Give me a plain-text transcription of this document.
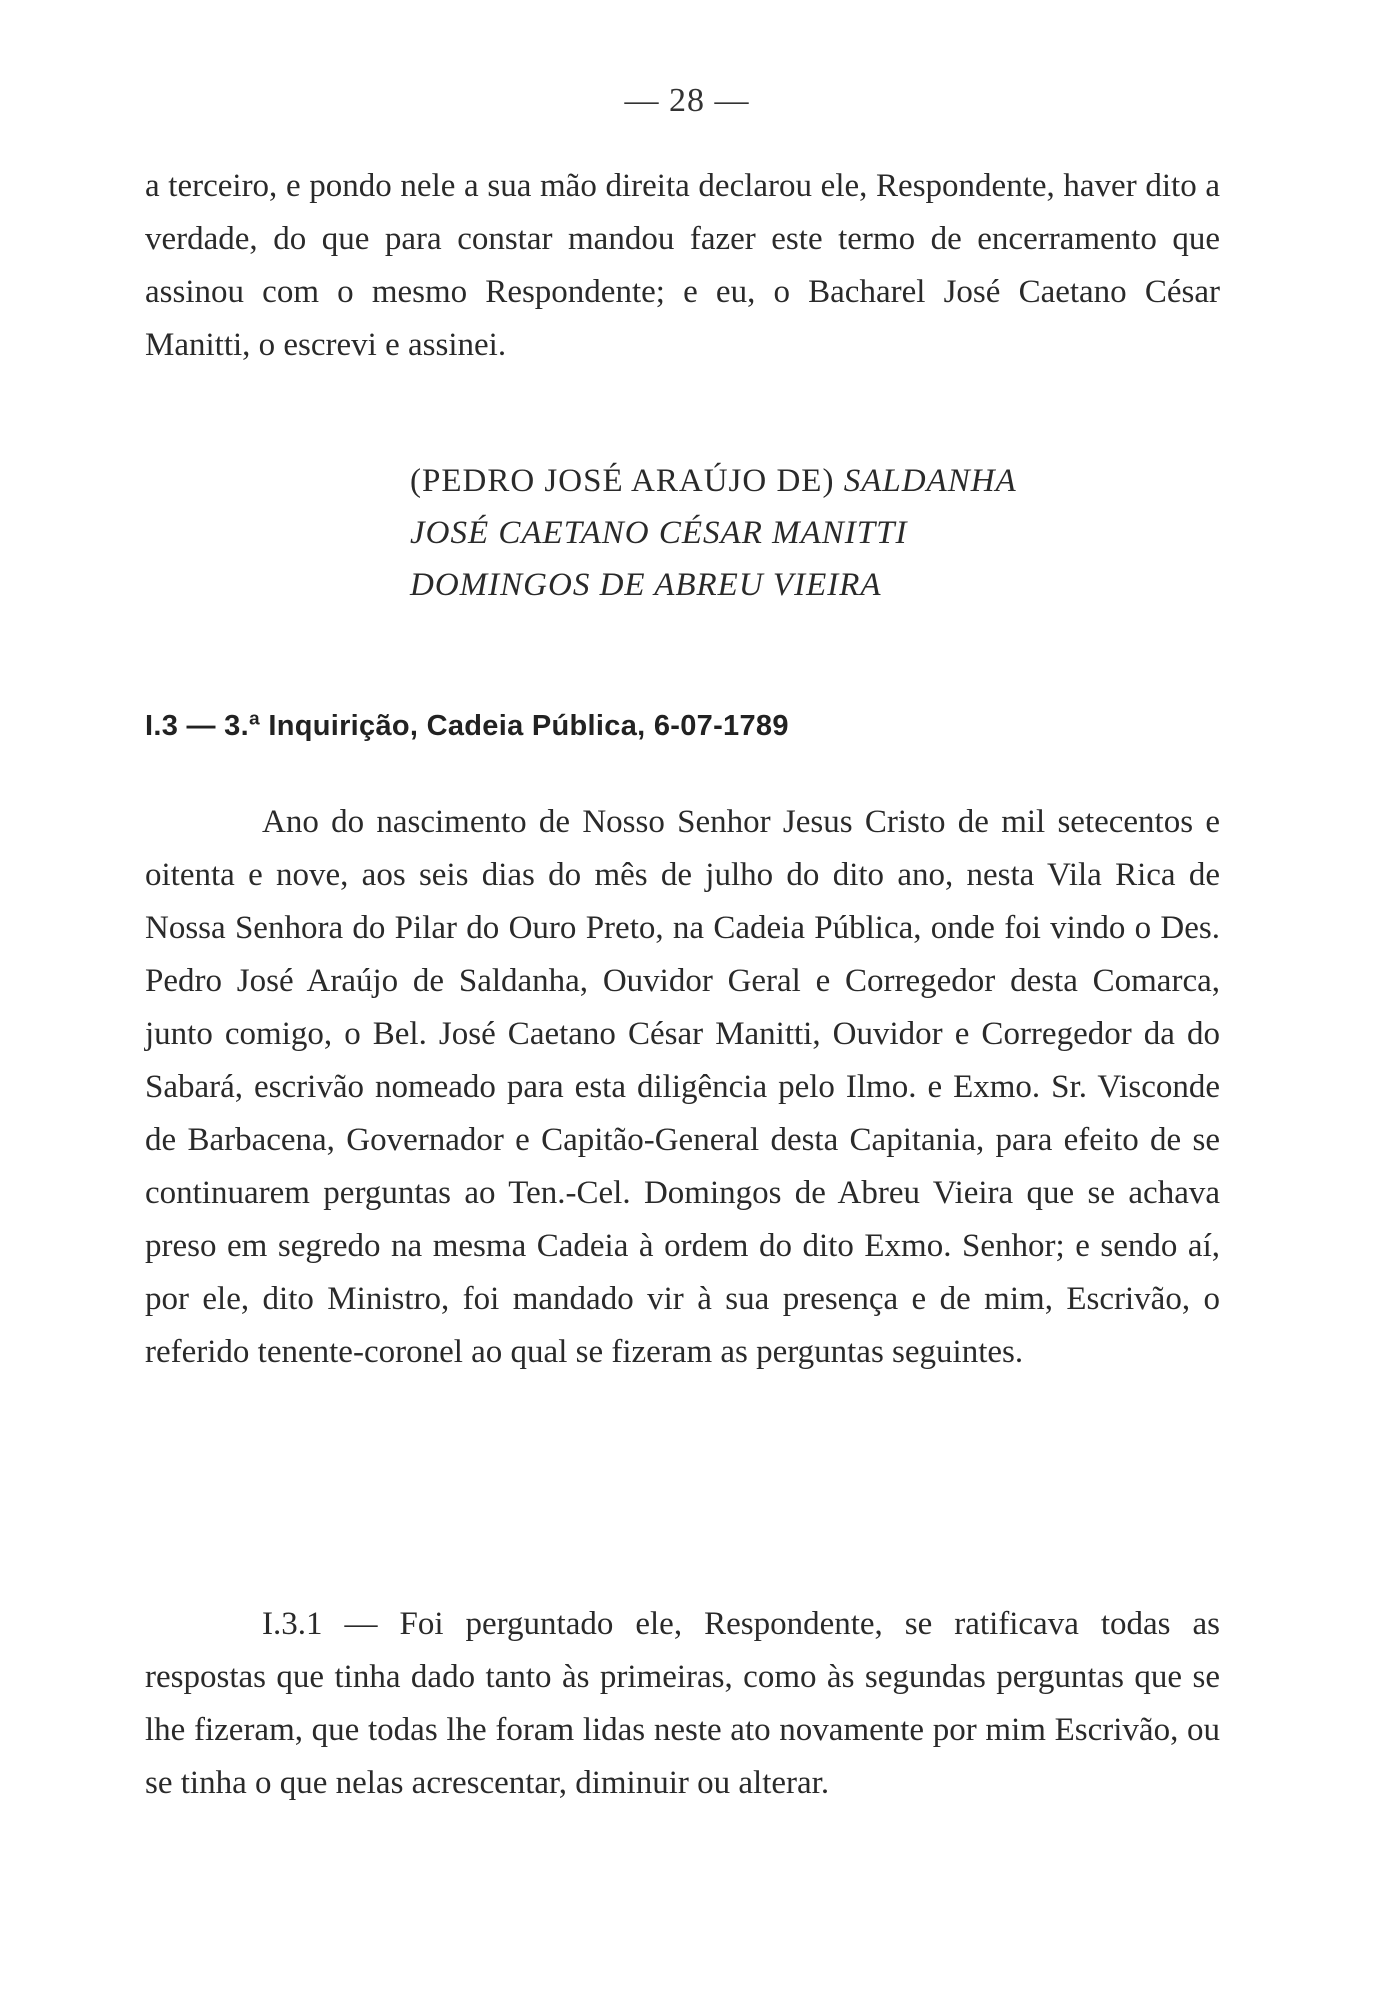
— 28 —

a terceiro, e pondo nele a sua mão direita declarou ele, Respondente, haver dito a verdade, do que para constar mandou fazer este termo de encerramento que assinou com o mesmo Respondente; e eu, o Bacharel José Caetano César Manitti, o escrevi e assinei.

(PEDRO JOSÉ ARAÚJO DE) SALDANHA
JOSÉ CAETANO CÉSAR MANITTI
DOMINGOS DE ABREU VIEIRA
I.3 — 3.ª Inquirição, Cadeia Pública, 6-07-1789

Ano do nascimento de Nosso Senhor Jesus Cristo de mil setecentos e oitenta e nove, aos seis dias do mês de julho do dito ano, nesta Vila Rica de Nossa Senhora do Pilar do Ouro Preto, na Cadeia Pública, onde foi vindo o Des. Pedro José Araújo de Saldanha, Ouvidor Geral e Corregedor desta Comarca, junto comigo, o Bel. José Caetano César Manitti, Ouvidor e Corregedor da do Sabará, escrivão nomeado para esta diligência pelo Ilmo. e Exmo. Sr. Visconde de Barbacena, Governador e Capitão-General desta Capitania, para efeito de se continuarem perguntas ao Ten.-Cel. Domingos de Abreu Vieira que se achava preso em segredo na mesma Cadeia à ordem do dito Exmo. Senhor; e sendo aí, por ele, dito Ministro, foi mandado vir à sua presença e de mim, Escrivão, o referido tenente-coronel ao qual se fizeram as perguntas seguintes.

I.3.1 — Foi perguntado ele, Respondente, se ratificava todas as respostas que tinha dado tanto às primeiras, como às segundas perguntas que se lhe fizeram, que todas lhe foram lidas neste ato novamente por mim Escrivão, ou se tinha o que nelas acrescentar, diminuir ou alterar.
